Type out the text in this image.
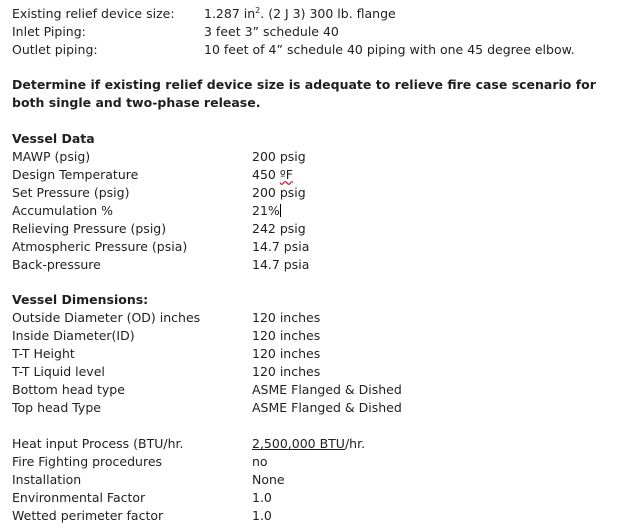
Existing relief device size: 1.287 $in^2$. (2 J 3) 300 lb. flange
Inlet Piping:	3 feet 3” schedule 40
Outlet piping:	10 feet of 4” schedule 40 piping with one 45 degree elbow.
Determine if existing relief device size is adequate to relieve fire case scenario for both single and two-phase release.
Vessel Data
MAWP (psig)	200 psig
Design Temperature	450 ºF
Set Pressure (psig)	200 psig
Accumulation %	21%
Relieving Pressure (psig)	242 psig
Atmospheric Pressure (psia)	14.7 psia
Back-pressure	14.7 psia
Vessel Dimensions:
Outside Diameter (OD) inches	120 inches
Inside Diameter(ID)	120 inches
T-T Height	120 inches
T-T Liquid level	120 inches
Bottom head type	ASME Flanged & Dished
Top head Type	ASME Flanged & Dished
Heat input Process (BTU/hr.	2,500,000 BTU/hr.
Fire Fighting procedures	no
Installation	None
Environmental Factor	1.0
Wetted perimeter factor	1.0
